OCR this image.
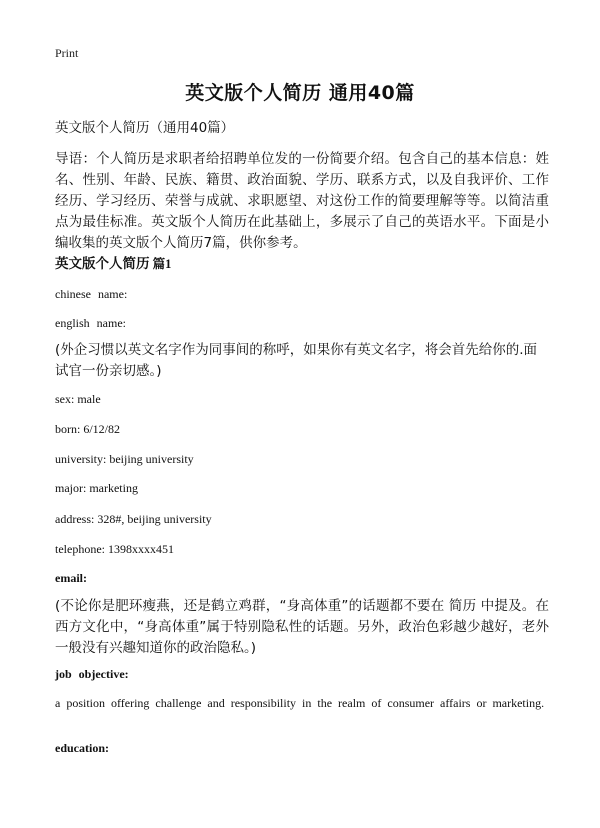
Print
英文版个人简历 通用40篇

英文版个人简历（通用40篇）

导语：个人简历是求职者给招聘单位发的一份简要介绍。包含自己的基本信息：姓名、性别、年龄、民族、籍贯、政治面貌、学历、联系方式，以及自我评价、工作经历、学习经历、荣誉与成就、求职愿望、对这份工作的简要理解等等。以简洁重点为最佳标准。英文版个人简历在此基础上，多展示了自己的英语水平。下面是小编收集的英文版个人简历7篇，供你参考。

英文版个人简历 篇1

chinese name:

english name:

(外企习惯以英文名字作为同事间的称呼，如果你有英文名字，将会首先给你的.面试官一份亲切感。)

sex: male

born: 6/12/82

university: beijing university

major: marketing

address: 328#, beijing university

telephone: 1398xxxx451

email:

(不论你是肥环瘦燕，还是鹤立鸡群，“身高体重”的话题都不要在 简历 中提及。在西方文化中，“身高体重”属于特别隐私性的话题。另外，政治色彩越少越好，老外一般没有兴趣知道你的政治隐私。)

job objective:

a position offering challenge and responsibility in the realm of consumer affairs or marketing.

education:
